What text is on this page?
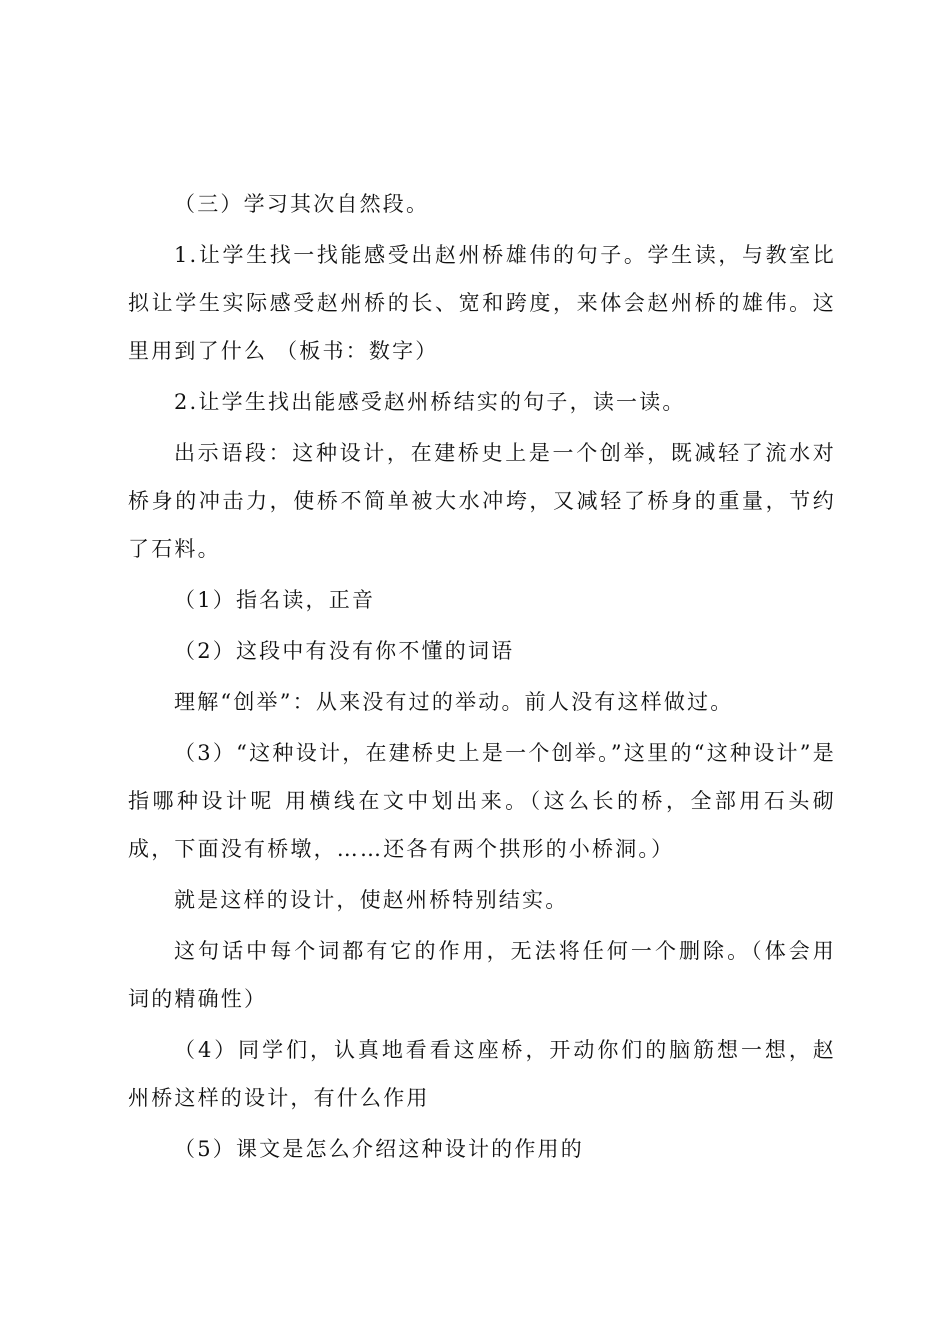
（三）学习其次自然段。

1.让学生找一找能感受出赵州桥雄伟的句子。学生读，与教室比拟让学生实际感受赵州桥的长、宽和跨度，来体会赵州桥的雄伟。这里用到了什么 （板书：数字）

2.让学生找出能感受赵州桥结实的句子，读一读。

出示语段：这种设计，在建桥史上是一个创举，既减轻了流水对桥身的冲击力，使桥不简单被大水冲垮，又减轻了桥身的重量，节约了石料。

（1）指名读，正音

（2）这段中有没有你不懂的词语

理解“创举”：从来没有过的举动。前人没有这样做过。

（3）“这种设计，在建桥史上是一个创举。”这里的“这种设计”是指哪种设计呢 用横线在文中划出来。（这么长的桥，全部用石头砌成，下面没有桥墩，……还各有两个拱形的小桥洞。）

就是这样的设计，使赵州桥特别结实。

这句话中每个词都有它的作用，无法将任何一个删除。（体会用词的精确性）

（4）同学们，认真地看看这座桥，开动你们的脑筋想一想，赵州桥这样的设计，有什么作用

（5）课文是怎么介绍这种设计的作用的
